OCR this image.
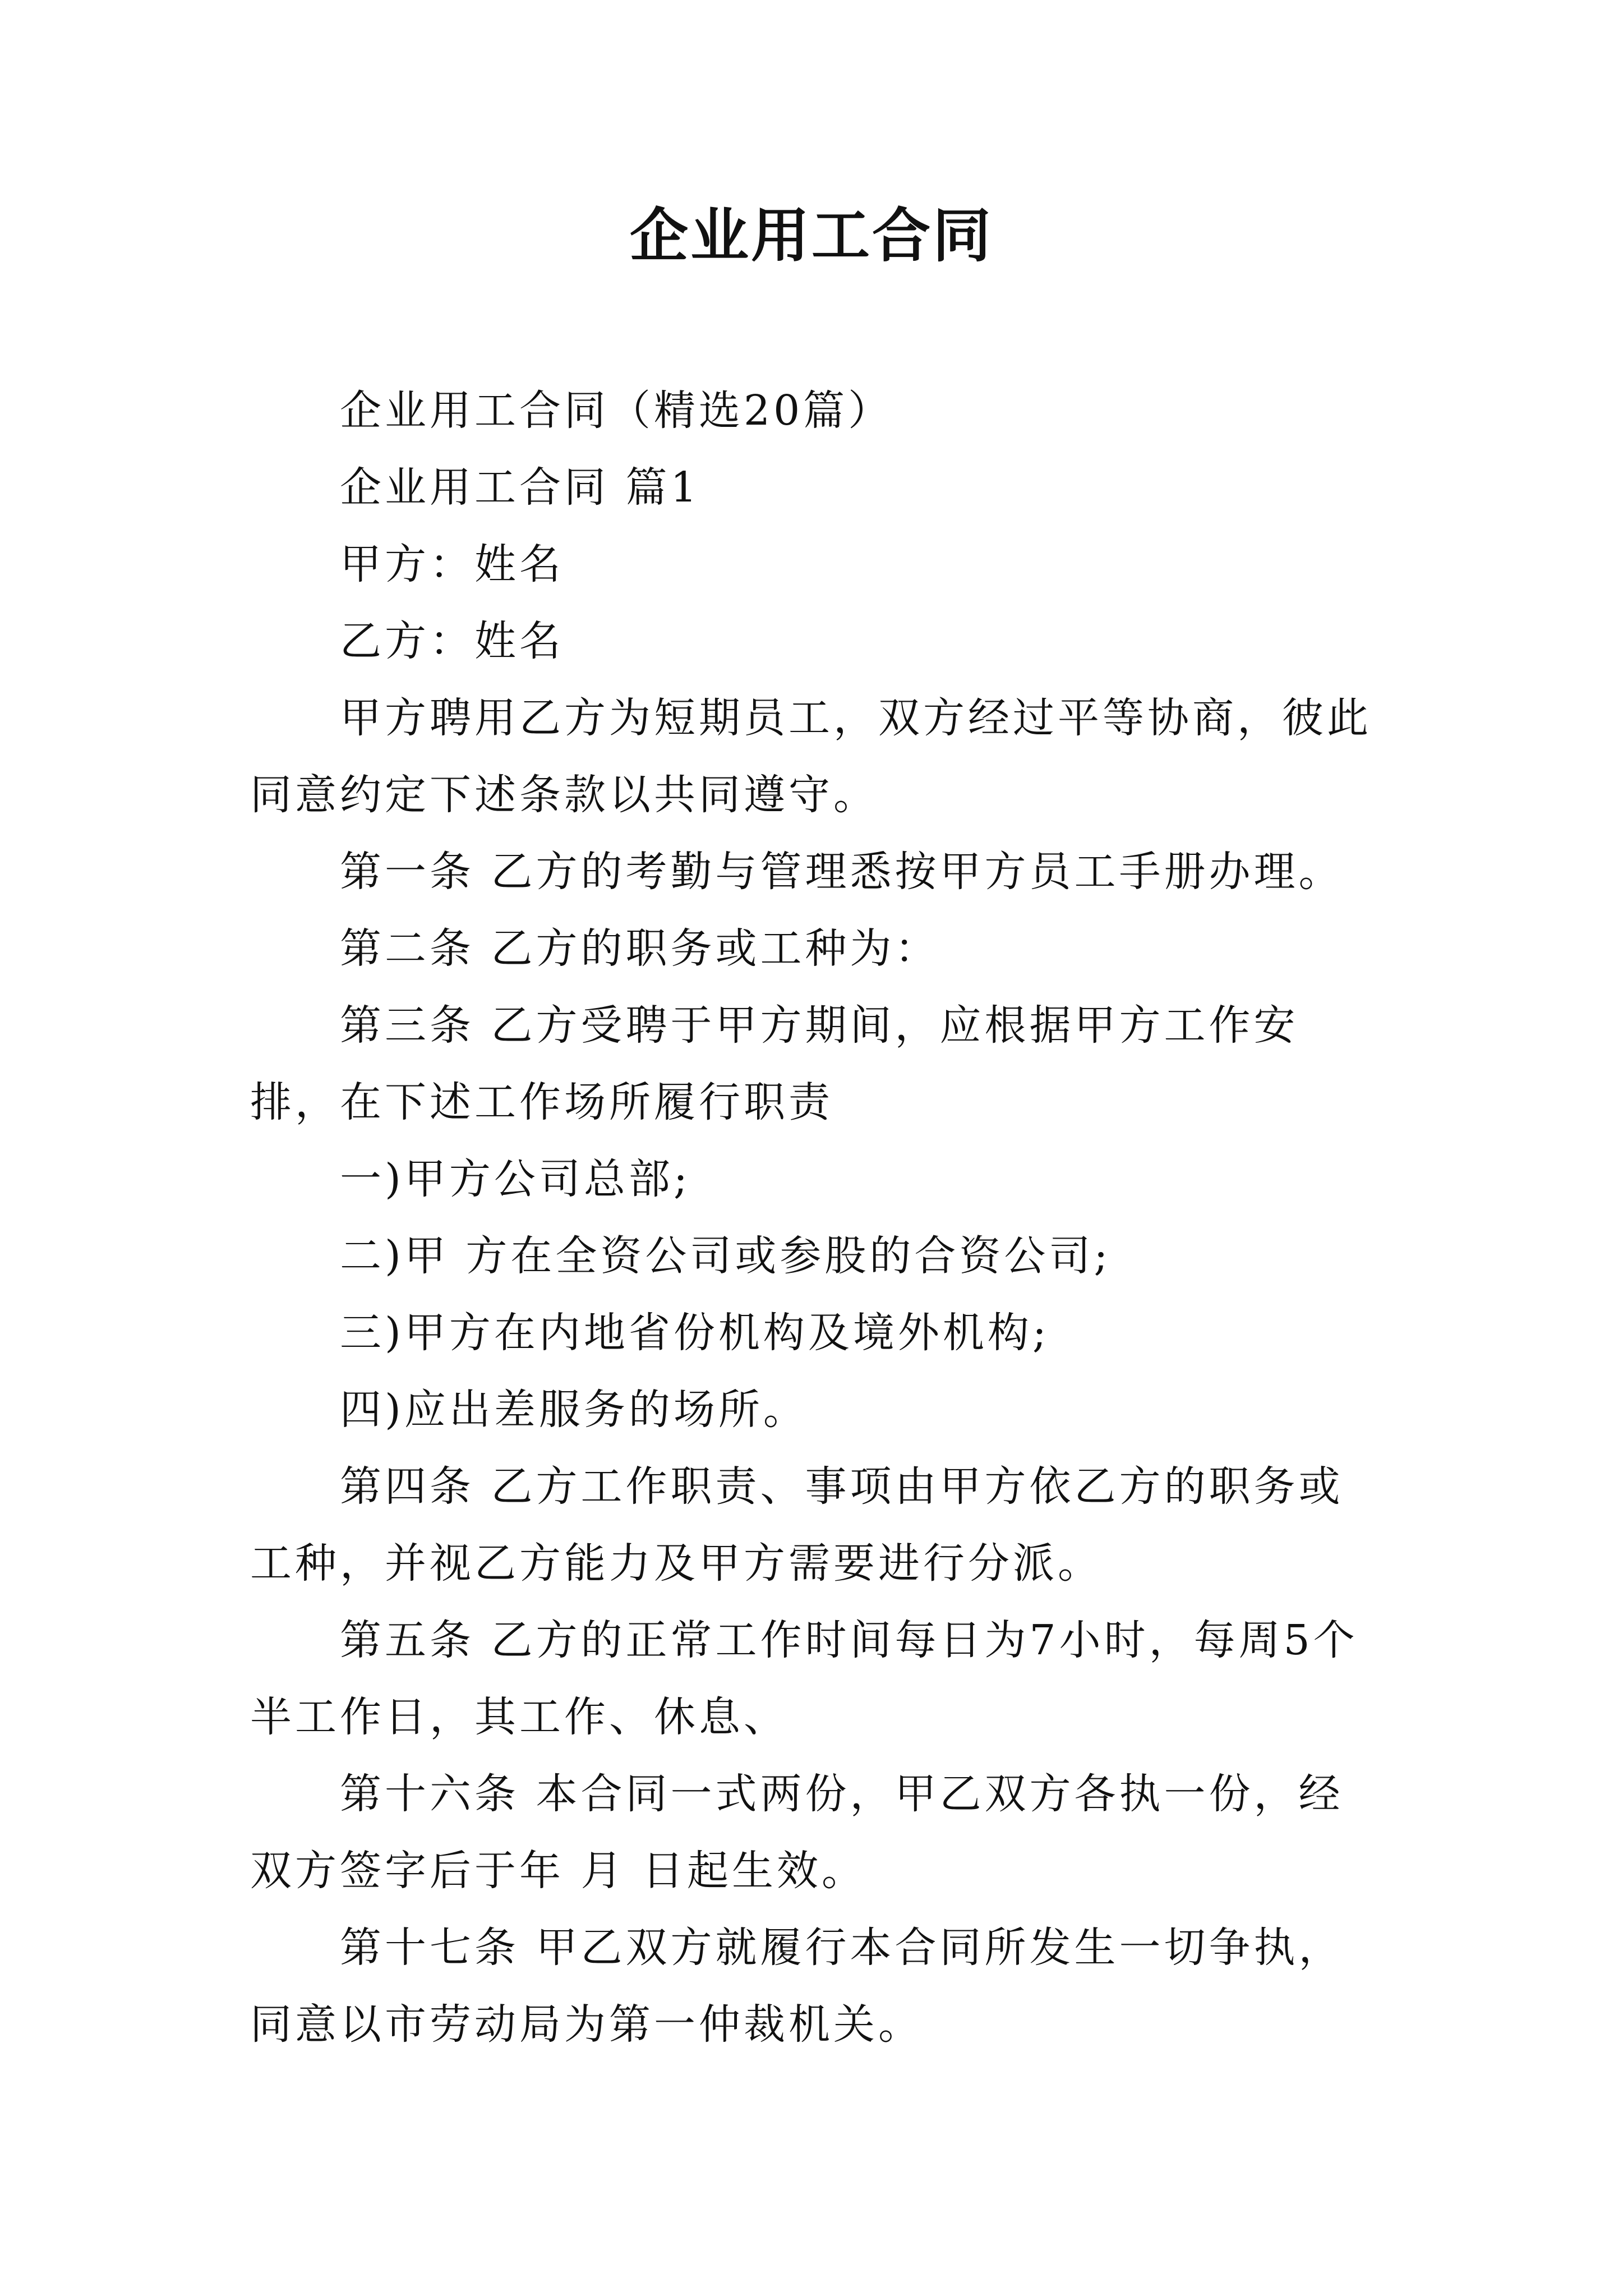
企业用工合同

企业用工合同（精选20篇）

企业用工合同 篇1

甲方：姓名

乙方：姓名

甲方聘用乙方为短期员工，双方经过平等协商，彼此同意约定下述条款以共同遵守。

第一条 乙方的考勤与管理悉按甲方员工手册办理。

第二条 乙方的职务或工种为：

第三条 乙方受聘于甲方期间，应根据甲方工作安排，在下述工作场所履行职责

一)甲方公司总部;

二)甲 方在全资公司或参股的合资公司;

三)甲方在内地省份机构及境外机构;

四)应出差服务的场所。

第四条 乙方工作职责、事项由甲方依乙方的职务或工种，并视乙方能力及甲方需要进行分派。

第五条 乙方的正常工作时间每日为7小时，每周5个半工作日，其工作、休息、

第十六条 本合同一式两份，甲乙双方各执一份，经双方签字后于年 月 日起生效。

第十七条 甲乙双方就履行本合同所发生一切争执，同意以市劳动局为第一仲裁机关。
